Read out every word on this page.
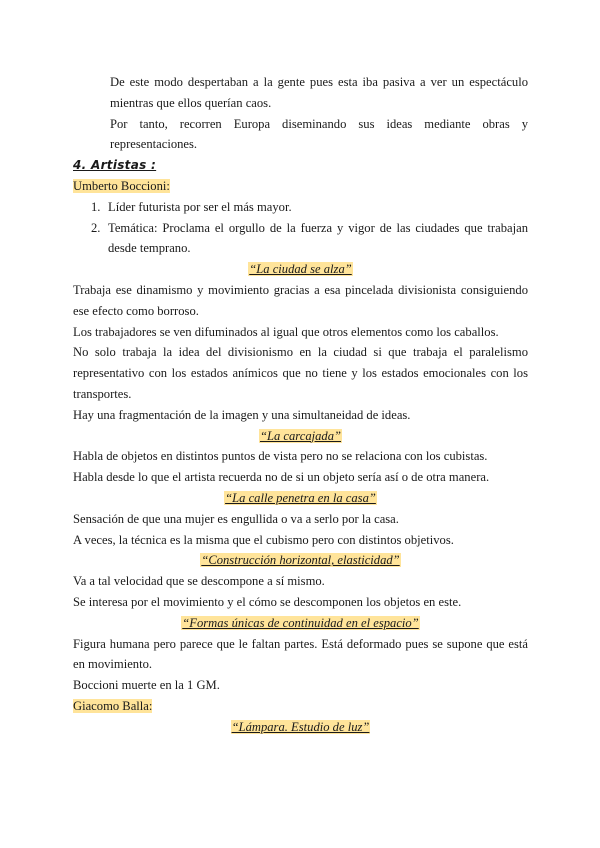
De este modo despertaban a la gente pues esta iba pasiva a ver un espectáculo mientras que ellos querían caos.

Por tanto, recorren Europa diseminando sus ideas mediante obras y representaciones.

4. Artistas :

Umberto Boccioni:

1. Líder futurista por ser el más mayor.
2. Temática: Proclama el orgullo de la fuerza y vigor de las ciudades que trabajan desde temprano.

“La ciudad se alza”

Trabaja ese dinamismo y movimiento gracias a esa pincelada divisionista consiguiendo ese efecto como borroso.

Los trabajadores se ven difuminados al igual que otros elementos como los caballos.

No solo trabaja la idea del divisionismo en la ciudad si que trabaja el paralelismo representativo con los estados anímicos que no tiene y los estados emocionales con los transportes.

Hay una fragmentación de la imagen y una simultaneidad de ideas.

“La carcajada”

Habla de objetos en distintos puntos de vista pero no se relaciona con los cubistas.

Habla desde lo que el artista recuerda no de si un objeto sería así o de otra manera.

“La calle penetra en la casa”

Sensación de que una mujer es engullida o va a serlo por la casa.

A veces, la técnica es la misma que el cubismo pero con distintos objetivos.

“Construcción horizontal, elasticidad”

Va a tal velocidad que se descompone a sí mismo.

Se interesa por el movimiento y el cómo se descomponen los objetos en este.

“Formas únicas de continuidad en el espacio”

Figura humana pero parece que le faltan partes. Está deformado pues se supone que está en movimiento.

Boccioni muerte en la 1 GM.

Giacomo Balla:

“Lámpara. Estudio de luz”
